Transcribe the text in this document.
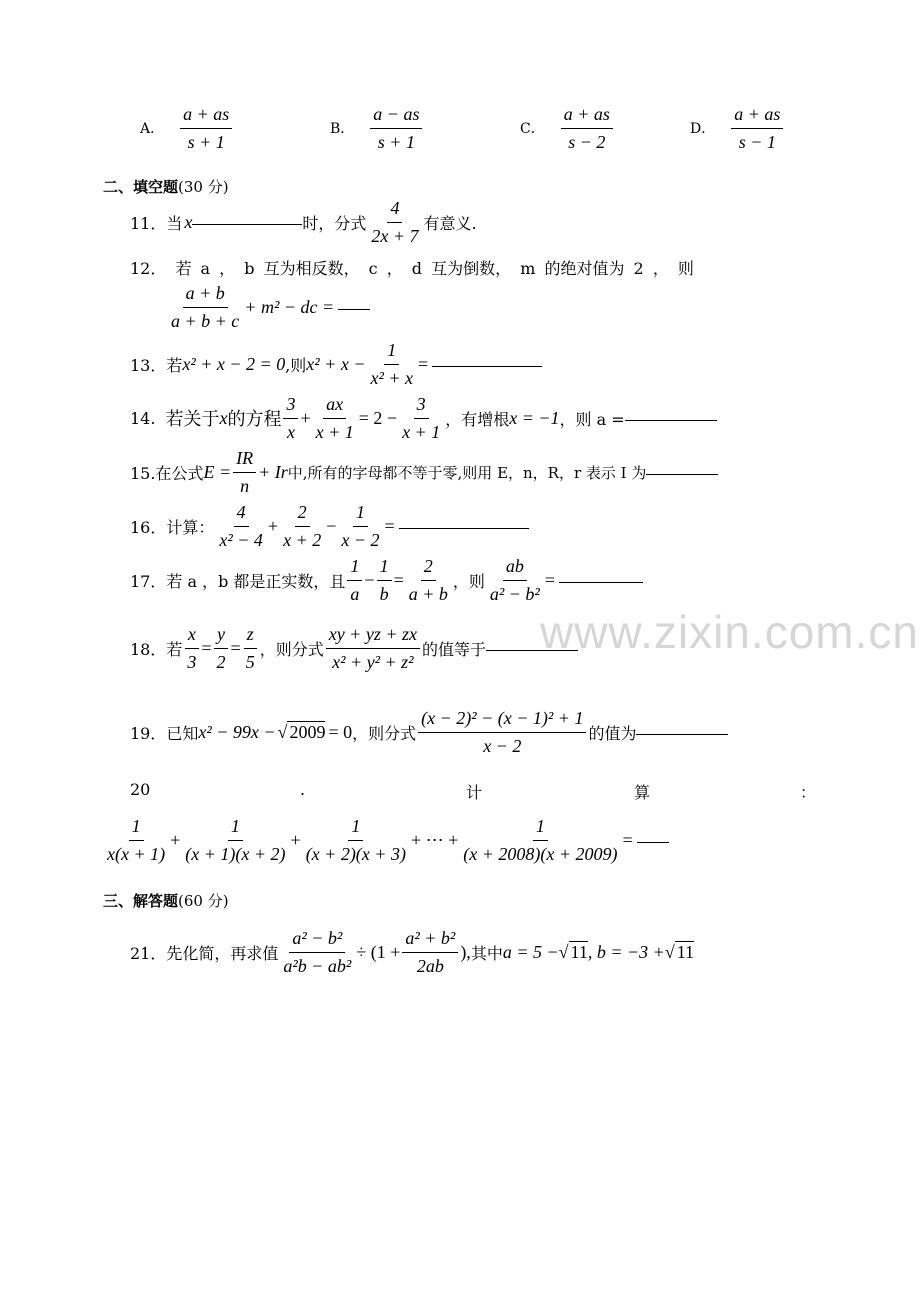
A． $\frac{a + as}{s + 1}$	B． $\frac{a - as}{s + 1}$	C． $\frac{a + as}{s - 2}$	D． $\frac{a + as}{s - 1}$
二、填空题(30 分)
11．当 x	时，分式 $\frac{4}{2x + 7}$ 有意义.
12． 若 a ， b 互为相反数， c ， d 互为倒数， m 的绝对值为 2 ， 则
$\frac{a + b}{a + b + c} + m^2$ − dc =
13．若 x² + x − 2 = 0 ,则 $x^2 + x - \frac{1}{\text{x² + x}}$ =
14. 若关于 x 的方程 $\frac{3}{x} + \frac{ax}{x + 1} = 2 - \frac{3}{x + 1}$ ，有增根 x = −1 ，则 a =
15.在公式 $E = \frac{IR}{n} + Ir$ 中,所有的字母都不等于零,则用 E，n，R，r 表示 I 为
16．计算： $\frac{4}{\text{x² − 4}} + \frac{2}{x + 2} - \frac{1}{x - 2}$ =
17．若 a ，b 都是正实数，且 $\frac{1}{a} - \frac{1}{b} = \frac{2}{a + b}$ ，则 $\frac{ab}{\text{a² − b²}}$ =
www.zixin.com.cn
18．若 $\frac{x}{3} = \frac{y}{2} = \frac{z}{5}$ ，则分式 $\frac{xy + yz + zx}{\text{x² + y² + z²}}$ 的值等于
19．已知 x² − 99x − √ 2009 = 0 ，则分式 $\frac{\text{(x − 2)² − (x − 1)² + 1}}{x - 2}$ 的值为
20	.	计	算	：
$\frac{1}{x(x + 1)} + \frac{1}{(x + 1)(x + 2)} + \frac{1}{(x + 2)(x + 3)}$ + ⋯ + $\frac{1}{(x + 2008)(x + 2009)}$ =
三、解答题(60 分)
21．先化简，再求值 $\frac{\text{a² − b²}}{\text{a²b − ab²}} \div (1 + \frac{\text{a² + b²}}{2ab}$ ), 其中 a = 5 − √ 11 , b = −3 + √ 11
